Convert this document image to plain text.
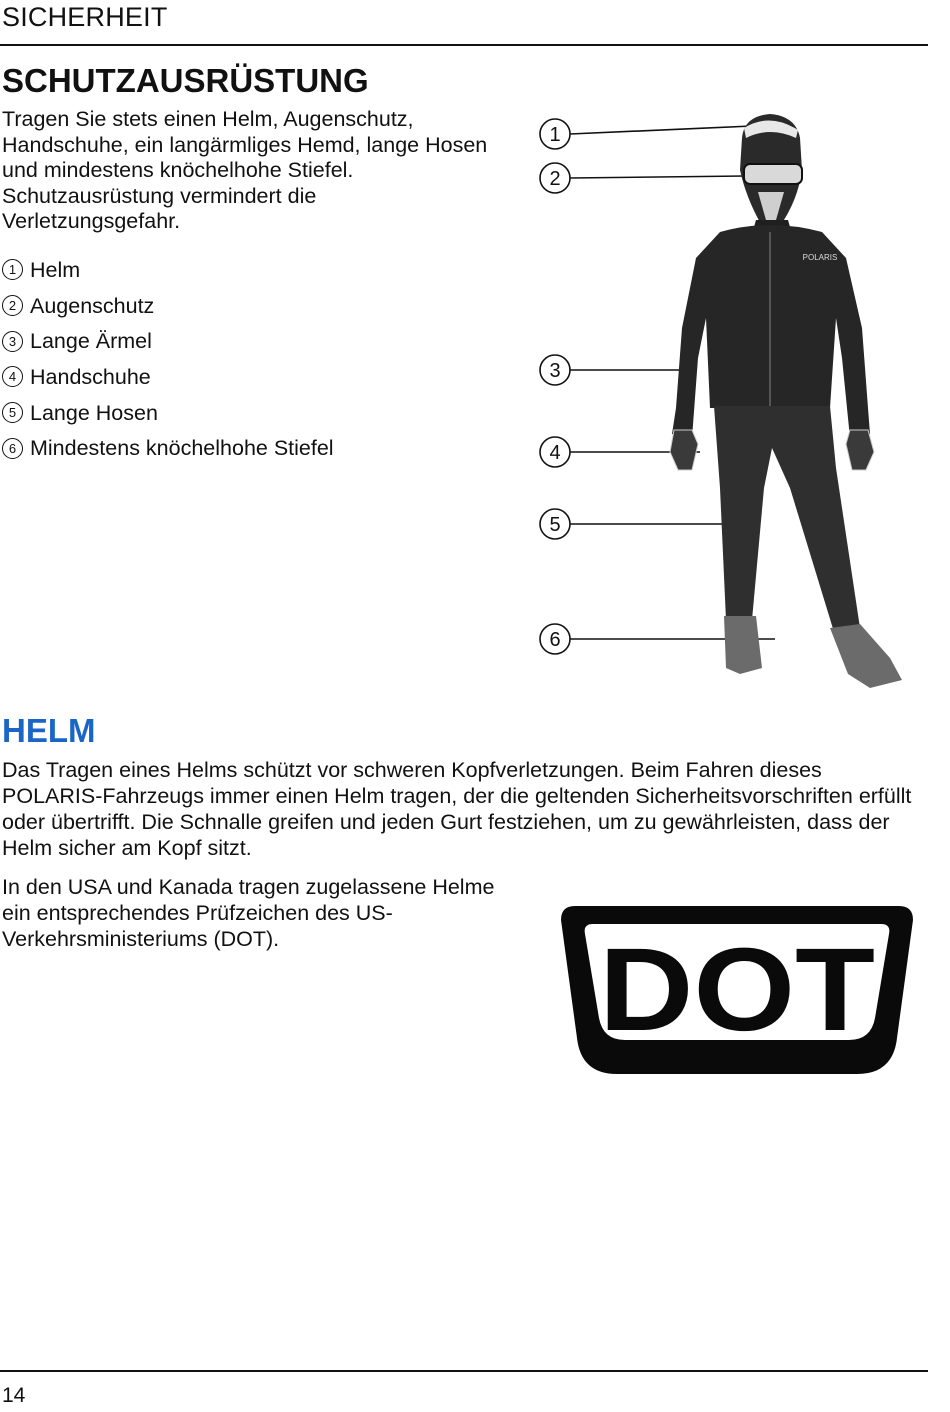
SICHERHEIT
SCHUTZAUSRÜSTUNG
Tragen Sie stets einen Helm, Augenschutz, Handschuhe, ein langärmliges Hemd, lange Hosen und mindestens knöchelhohe Stiefel. Schutzausrüstung vermindert die Verletzungsgefahr.
1 Helm
2 Augenschutz
3 Lange Ärmel
4 Handschuhe
5 Lange Hosen
6 Mindestens knöchelhohe Stiefel
1
2
3
4
5
6
POLARIS
HELM
Das Tragen eines Helms schützt vor schweren Kopfverletzungen. Beim Fahren dieses POLARIS-Fahrzeugs immer einen Helm tragen, der die geltenden Sicherheitsvorschriften erfüllt oder übertrifft. Die Schnalle greifen und jeden Gurt festziehen, um zu gewährleisten, dass der Helm sicher am Kopf sitzt.
In den USA und Kanada tragen zugelassene Helme ein entsprechendes Prüfzeichen des US-Verkehrsministeriums (DOT).	DOT
14
